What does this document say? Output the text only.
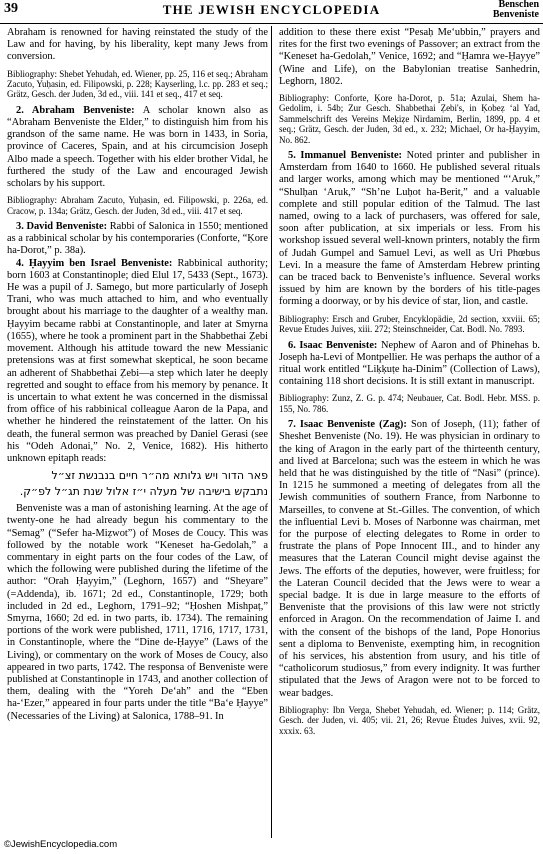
39	THE JEWISH ENCYCLOPEDIA	Benschen
Benveniste

Abraham is renowned for having reinstated the study of the Law and for having, by his liberality, kept many Jews from conversion.

Bibliography: Shebet Yehudah, ed. Wiener, pp. 25, 116 et seq.; Abraham Zacuto, Yuḥasin, ed. Filipowski, p. 228; Kayserling, l.c. pp. 283 et seq.; Grätz, Gesch. der Juden, 3d ed., viii. 141 et seq., 417 et seq.

2. Abraham Benveniste: A scholar known also as “Abraham Benveniste the Elder,” to distinguish him from his grandson of the same name. He was born in 1433, in Soria, province of Caceres, Spain, and at his circumcision Joseph Albo made a speech. Together with his elder brother Vidal, he furthered the study of the Law and encouraged Jewish scholars by his support.

Bibliography: Abraham Zacuto, Yuḥasin, ed. Filipowski, p. 226a, ed. Cracow, p. 134a; Grätz, Gesch. der Juden, 3d ed., viii. 417 et seq.

3. David Benveniste: Rabbi of Salonica in 1550; mentioned as a rabbinical scholar by his contemporaries (Conforte, “Ḳore ha-Dorot,” p. 38a).

4. Ḥayyim ben Israel Benveniste: Rabbinical authority; born 1603 at Constantinople; died Elul 17, 5433 (Sept., 1673). He was a pupil of J. Samego, but more particularly of Joseph Trani, who was much attached to him, and who eventually brought about his marriage to the daughter of a wealthy man. Ḥayyim became rabbi at Constantinople, and later at Smyrna (1655), where he took a prominent part in the Shabbethai Ẓebi movement. Although his attitude toward the new Messianic pretensions was at first somewhat skeptical, he soon became an adherent of Shabbethai Ẓebi—a step which later he deeply regretted and sought to efface from his memory by penance. It is uncertain to what extent he was concerned in the dismissal from office of his rabbinical colleague Aaron de la Papa, and whether he hindered the reinstatement of the latter. On his death, the funeral sermon was preached by Daniel Gerasi (see his “Odeh Adonai,” No. 2, Venice, 1682). His hitherto unknown epitaph reads:

פאר הדור ויש גלותא מה״ר חיים בנבנשת זצ״ל
נתבקש בישיבה של מעלה י״ז אלול שנת תג״ל לפ״ק.

Benveniste was a man of astonishing learning. At the age of twenty-one he had already begun his commentary to the “Semag” (“Sefer ha-Miẓwot”) of Moses de Coucy. This was followed by the notable work “Keneset ha-Gedolah,” a commentary in eight parts on the four codes of the Law, of which the following were published during the lifetime of the author: “Orah Ḥayyim,” (Leghorn, 1657) and “Sheyare” (=Addenda), ib. 1671; 2d ed., Constantinople, 1729; both included in 2d ed., Leghorn, 1791–92; “Ḥoshen Mishpaṭ,” Smyrna, 1660; 2d ed. in two parts, ib. 1734). The remaining portions of the work were published, 1711, 1716, 1717, 1731, in Constantinople, where the “Dine de-Ḥayye” (Laws of the Living), or commentary on the work of Moses de Coucy, also appeared in two parts, 1742. The responsa of Benveniste were published at Constantinople in 1743, and another collection of them, dealing with the “Yoreh De‘ah” and the “Eben ha-‘Ezer,” appeared in four parts under the title “Ba‘e Ḥayye” (Necessaries of the Living) at Salonica, 1788–91. In

addition to these there exist “Pesaḥ Me‘ubbin,” prayers and rites for the first two evenings of Passover; an extract from the “Keneset ha-Gedolah,” Venice, 1692; and “Ḥamra we-Ḥayye” (Wine and Life), on the Babylonian treatise Sanhedrin, Leghorn, 1802.

Bibliography: Conforte, Ḳore ha-Dorot, p. 51a; Azulai, Shem ha-Gedolim, i. 54b; Zur Gesch. Shabbethai Ẓebi's, in Ḳobeẓ ‘al Yad, Sammelschrift des Vereins Meḳiẓe Nirdamim, Berlin, 1899, pp. 4 et seq.; Grätz, Gesch. der Juden, 3d ed., x. 232; Michael, Or ha-Ḥayyim, No. 862.

5. Immanuel Benveniste: Noted printer and publisher in Amsterdam from 1640 to 1660. He published several rituals and larger works, among which may be mentioned “‘Aruk,” “Shulḥan ‘Aruk,” “Sh’ne Luḥot ha-Berit,” and a valuable complete and still popular edition of the Talmud. The last named, owing to a lack of purchasers, was offered for sale, soon after publication, at six imperials or less. From his workshop issued several well-known printers, notably the firm of Judah Gumpel and Samuel Levi, as well as Uri Phœbus Levi. In a measure the fame of Amsterdam Hebrew printing can be traced back to Benveniste’s influence. Several works issued by him are known by the borders of his title-pages forming a doorway, or by his device of star, lion, and castle.

Bibliography: Ersch and Gruber, Encyklopädie, 2d section, xxviii. 65; Revue Etudes Juives, xiii. 272; Steinschneider, Cat. Bodl. No. 7893.

6. Isaac Benveniste: Nephew of Aaron and of Phinehas b. Joseph ha-Levi of Montpellier. He was perhaps the author of a ritual work entitled “Liḳḳuṭe ha-Dinim” (Collection of Laws), containing 118 short decisions. It is still extant in manuscript.

Bibliography: Zunz, Z. G. p. 474; Neubauer, Cat. Bodl. Hebr. MSS. p. 155, No. 786.

7. Isaac Benveniste (Zag): Son of Joseph, (11); father of Sheshet Benveniste (No. 19). He was physician in ordinary to the king of Aragon in the early part of the thirteenth century, and lived at Barcelona; such was the esteem in which he was held that he was distinguished by the title of “Nasi” (prince). In 1215 he summoned a meeting of delegates from all the Jewish communities of southern France, from Narbonne to Marseilles, to convene at St.-Gilles. The convention, of which the influential Levi b. Moses of Narbonne was chairman, met for the purpose of electing delegates to Rome in order to frustrate the plans of Pope Innocent III., and to hinder any measures that the Lateran Council might devise against the Jews. The efforts of the deputies, however, were fruitless; for the Lateran Council decided that the Jews were to wear a special badge. It is due in large measure to the efforts of Benveniste that the provisions of this law were not strictly enforced in Aragon. On the recommendation of Jaime I. and with the consent of the bishops of the land, Pope Honorius sent a diploma to Benveniste, exempting him, in recognition of his services, his abstention from usury, and his title of “catholicorum studiosus,” from every indignity. It was further stipulated that the Jews of Aragon were not to be forced to wear badges.

Bibliography: Ibn Verga, Shebet Yehudah, ed. Wiener; p. 114; Grätz, Gesch. der Juden, vi. 405; vii. 21, 26; Revue Études Juives, xvii. 92, xxxix. 63.

©JewishEncyclopedia.com
